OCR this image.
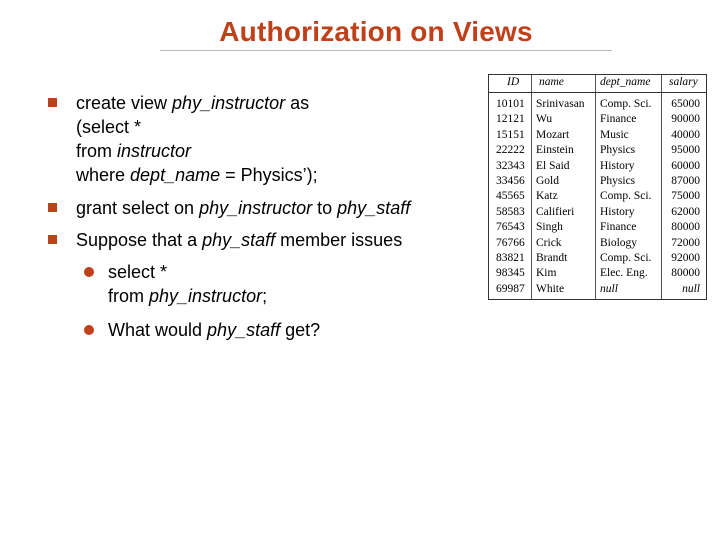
Authorization on Views
create view phy_instructor as
(select *
from instructor
where dept_name = Physics’);
grant select on phy_instructor to phy_staff
Suppose that a phy_staff member issues
select *
from phy_instructor;
What would phy_staff get?
ID name	dept_name salary
10101 Srinivasan Comp. Sci. 65000
12121 Wu	Finance	90000
15151 Mozart	Music	40000
22222 Einstein Physics	95000
32343 El Said	History	60000
33456 Gold	Physics	87000
45565 Katz	Comp. Sci. 75000
58583 Califieri History	62000
76543 Singh	Finance	80000
76766 Crick	Biology	72000
83821 Brandt	Comp. Sci. 92000
98345 Kim	Elec. Eng. 80000
69987 White	null	null
